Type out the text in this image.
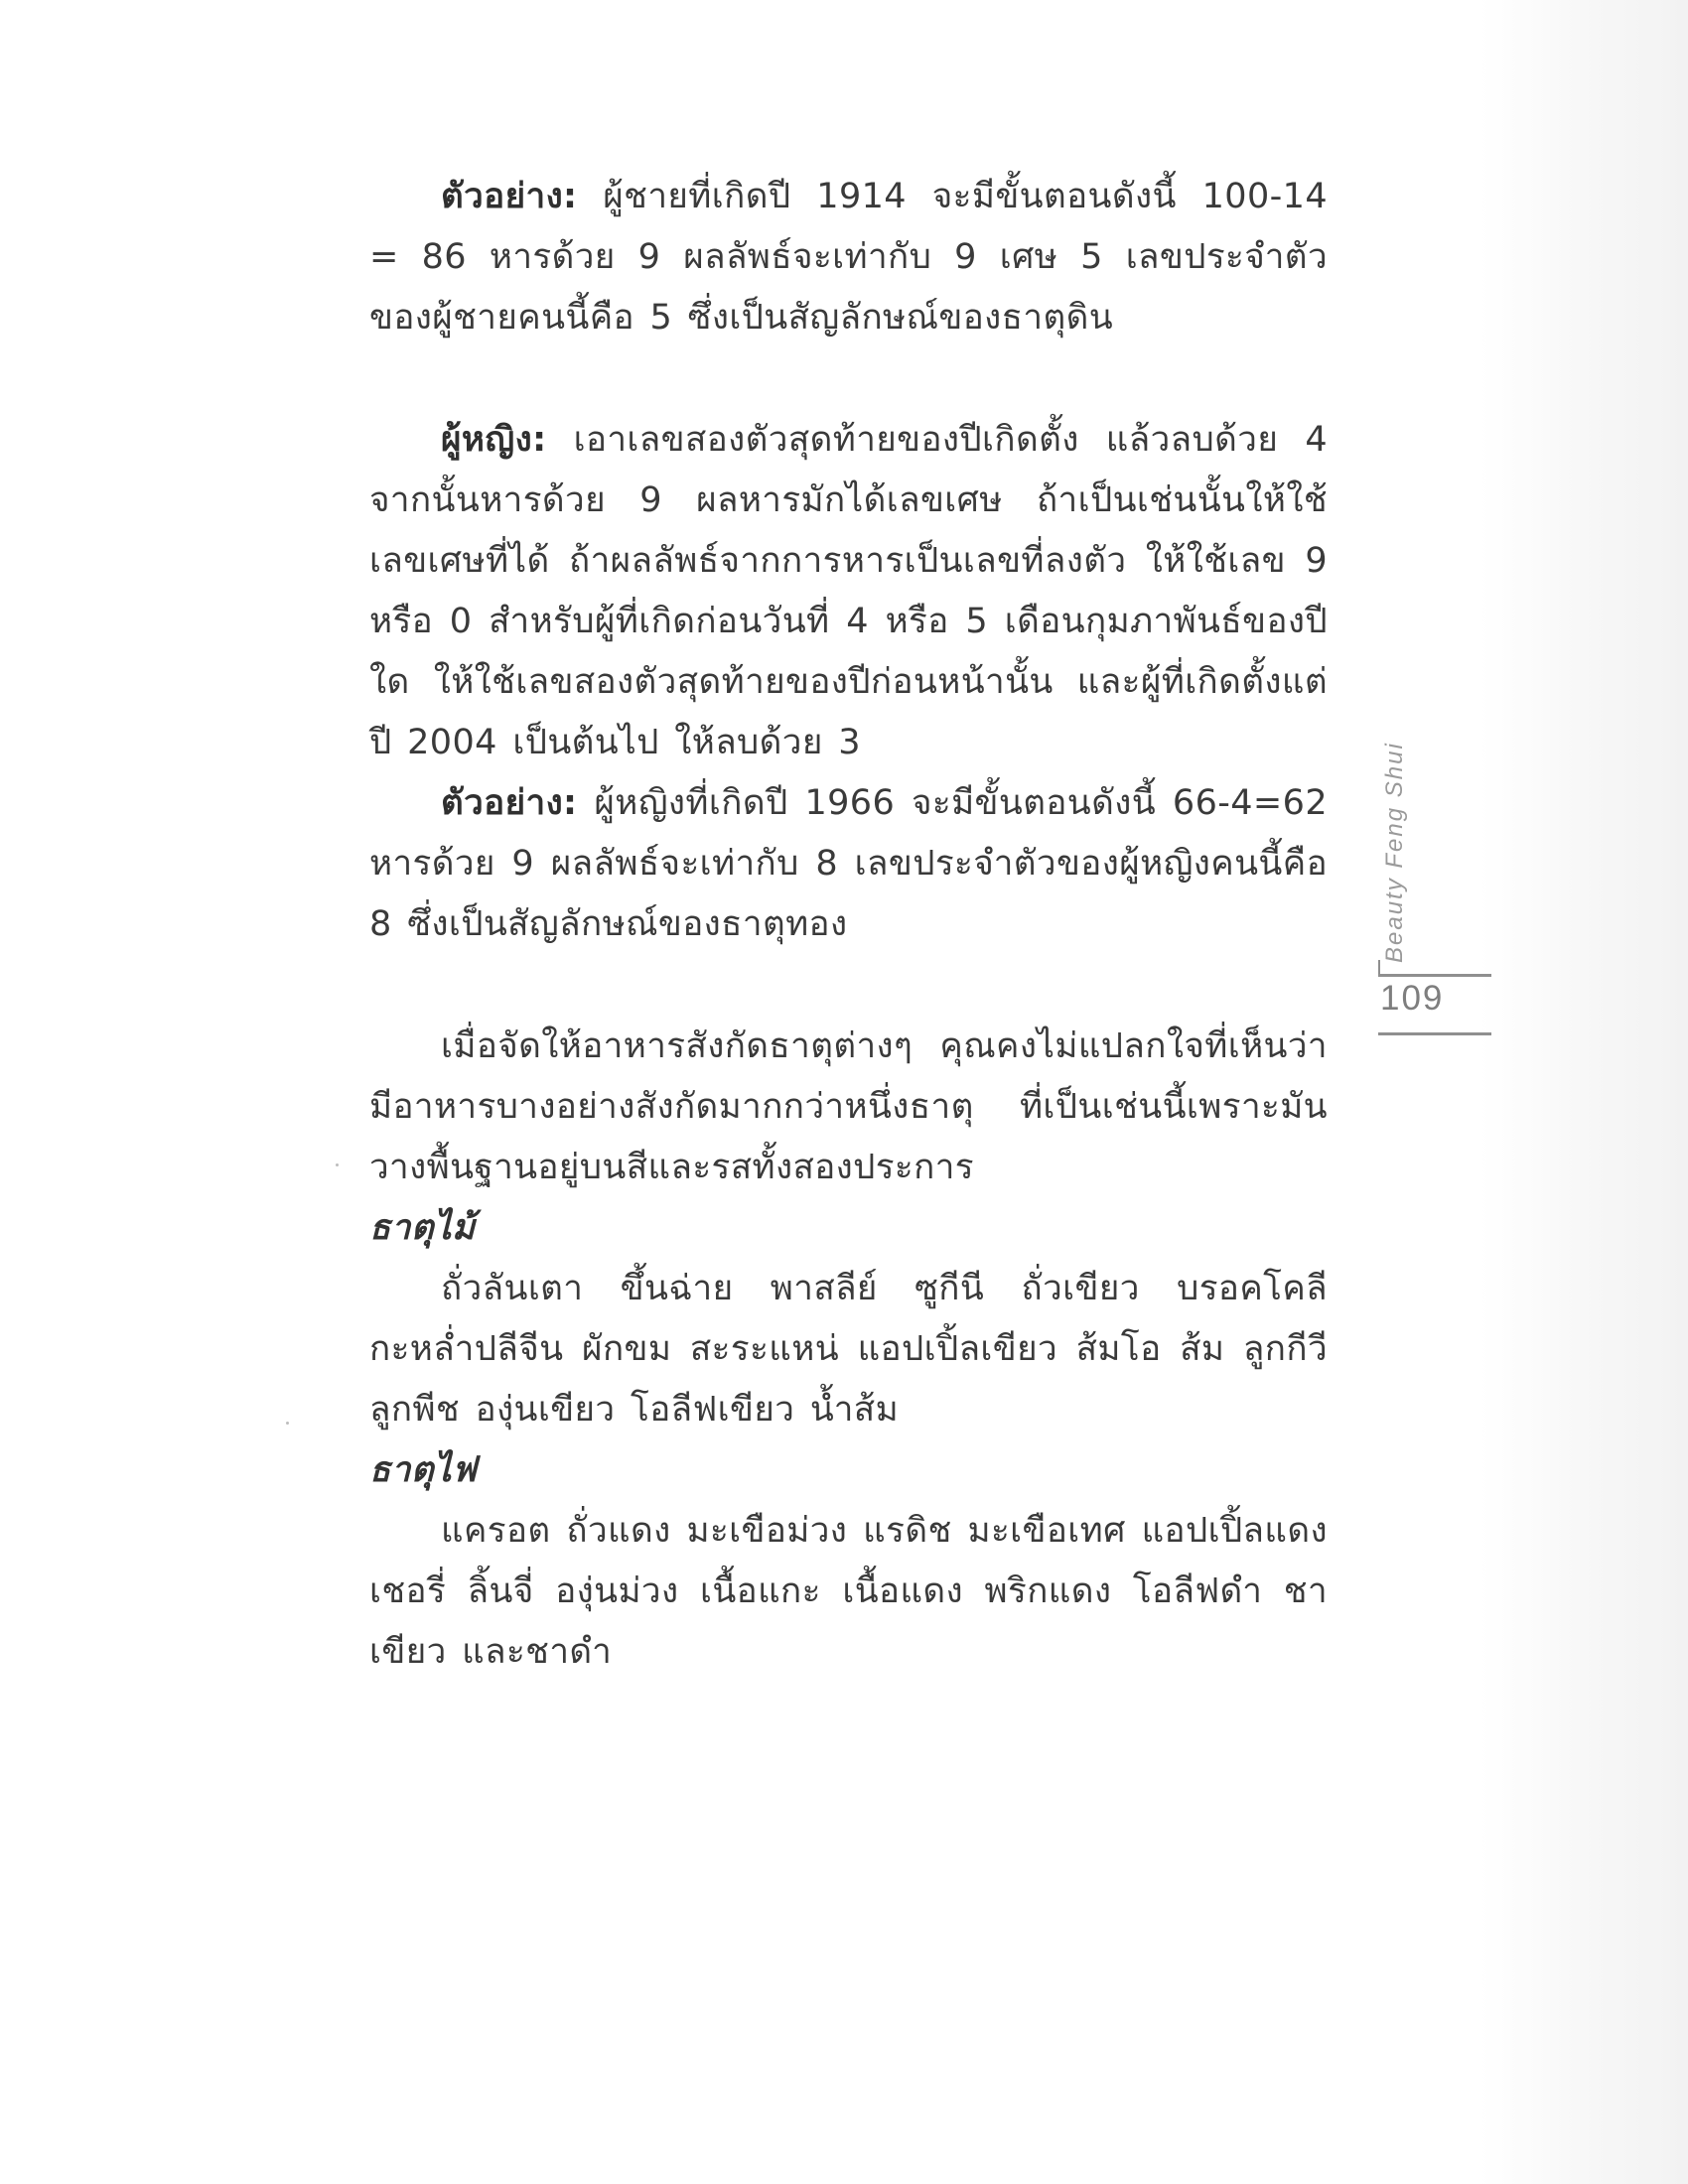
ตัวอย่าง: ผู้ชายที่เกิดปี 1914 จะมีขั้นตอนดังนี้ 100-14 = 86 หารด้วย 9 ผลลัพธ์จะเท่ากับ 9 เศษ 5 เลขประจำตัวของผู้ชายคนนี้คือ 5 ซึ่งเป็นสัญลักษณ์ของธาตุดิน

ผู้หญิง: เอาเลขสองตัวสุดท้ายของปีเกิดตั้ง แล้วลบด้วย 4 จากนั้นหารด้วย 9 ผลหารมักได้เลขเศษ ถ้าเป็นเช่นนั้นให้ใช้เลขเศษที่ได้ ถ้าผลลัพธ์จากการหารเป็นเลขที่ลงตัว ให้ใช้เลข 9 หรือ 0 สำหรับผู้ที่เกิดก่อนวันที่ 4 หรือ 5 เดือนกุมภาพันธ์ของปีใด ให้ใช้เลขสองตัวสุดท้ายของปีก่อนหน้านั้น และผู้ที่เกิดตั้งแต่ปี 2004 เป็นต้นไป ให้ลบด้วย 3

ตัวอย่าง: ผู้หญิงที่เกิดปี 1966 จะมีขั้นตอนดังนี้ 66-4=62 หารด้วย 9 ผลลัพธ์จะเท่ากับ 8 เลขประจำตัวของผู้หญิงคนนี้คือ 8 ซึ่งเป็นสัญลักษณ์ของธาตุทอง

เมื่อจัดให้อาหารสังกัดธาตุต่างๆ คุณคงไม่แปลกใจที่เห็นว่ามีอาหารบางอย่างสังกัดมากกว่าหนึ่งธาตุ ที่เป็นเช่นนี้เพราะมันวางพื้นฐานอยู่บนสีและรสทั้งสองประการ

ธาตุไม้

ถั่วลันเตา ขึ้นฉ่าย พาสลีย์ ซูกีนี ถั่วเขียว บรอคโคลี กะหล่ำปลีจีน ผักขม สะระแหน่ แอปเปิ้ลเขียว ส้มโอ ส้ม ลูกกีวี ลูกพีช องุ่นเขียว โอลีฟเขียว น้ำส้ม

ธาตุไฟ

แครอต ถั่วแดง มะเขือม่วง แรดิช มะเขือเทศ แอปเปิ้ลแดง เชอรี่ ลิ้นจี่ องุ่นม่วง เนื้อแกะ เนื้อแดง พริกแดง โอลีฟดำ ชาเขียว และชาดำ

Beauty Feng Shui
109
